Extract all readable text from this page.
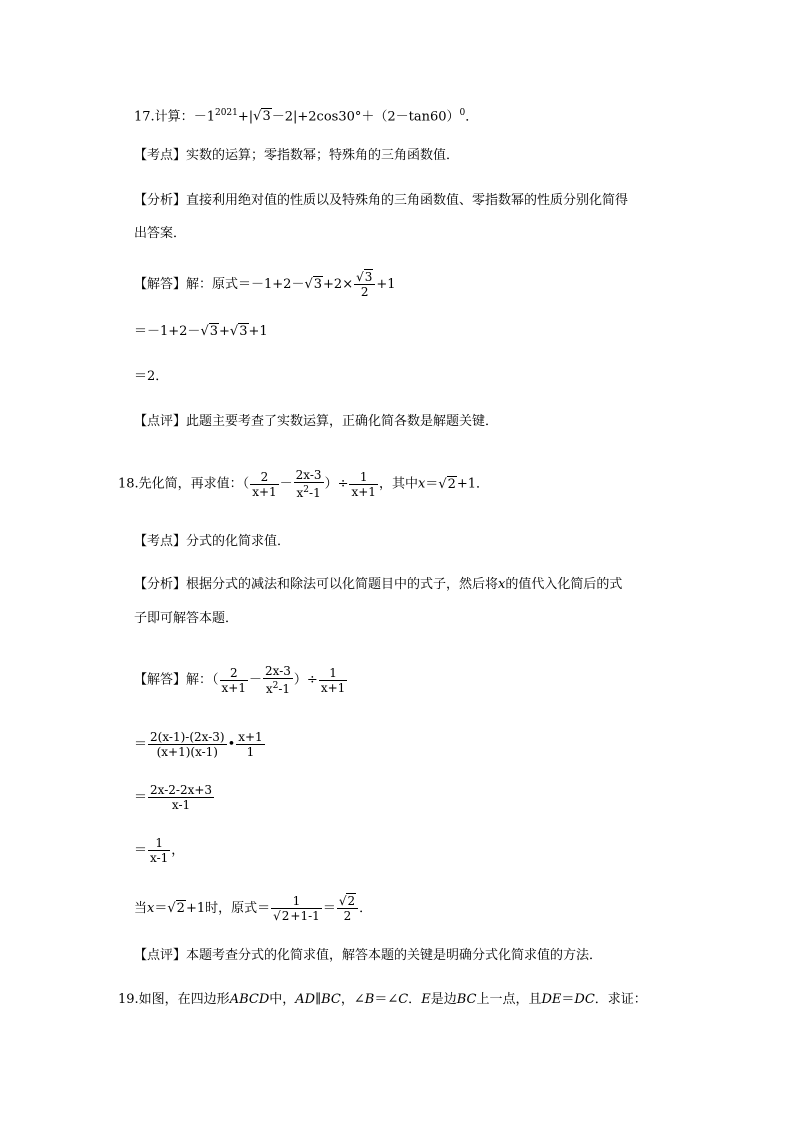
17.计算：$-1^{2021}+|√3-2|+2\cos 30^\circ+(2-\tan 60)^0$．
【考点】实数的运算；零指数幂；特殊角的三角函数值．
【分析】直接利用绝对值的性质以及特殊角的三角函数值、零指数幂的性质分别化简得
出答案．
【解答】解：原式$=-1+2-√3+2\times \frac{√3}{2} +1$
＝－1+2－√3+√3+1
＝2．
【点评】此题主要考查了实数运算，正确化简各数是解题关键．
18.先化简，再求值：（ $\frac{2}{x+1} - \frac{2x-3}{x^2-1}$ ）÷ $\frac{1}{x+1}$ ，其中x＝√2+1．
【考点】分式的化简求值．
【分析】根据分式的减法和除法可以化简题目中的式子，然后将x的值代入化简后的式
子即可解答本题．
【解答】解：（ $\frac{2}{x+1} - \frac{2x-3}{x^2-1}$ ）÷ $\frac{1}{x+1}$
＝ $\frac{2(x-1)-(2x-3)}{(x+1)(x-1)}$ • $\frac{x+1}{1}$
＝ $\frac{2x-2-2x+3}{x-1}$
＝ $\frac{1}{x-1}$ ，
当x＝√2+1时，原式＝ $\frac{1}{√2+1-1} = \frac{√2}{2}$ ．
【点评】本题考查分式的化简求值，解答本题的关键是明确分式化简求值的方法．
19.如图，在四边形ABCD中，AD∥BC，∠B＝∠C．E是边BC上一点，且DE＝DC．求证：
